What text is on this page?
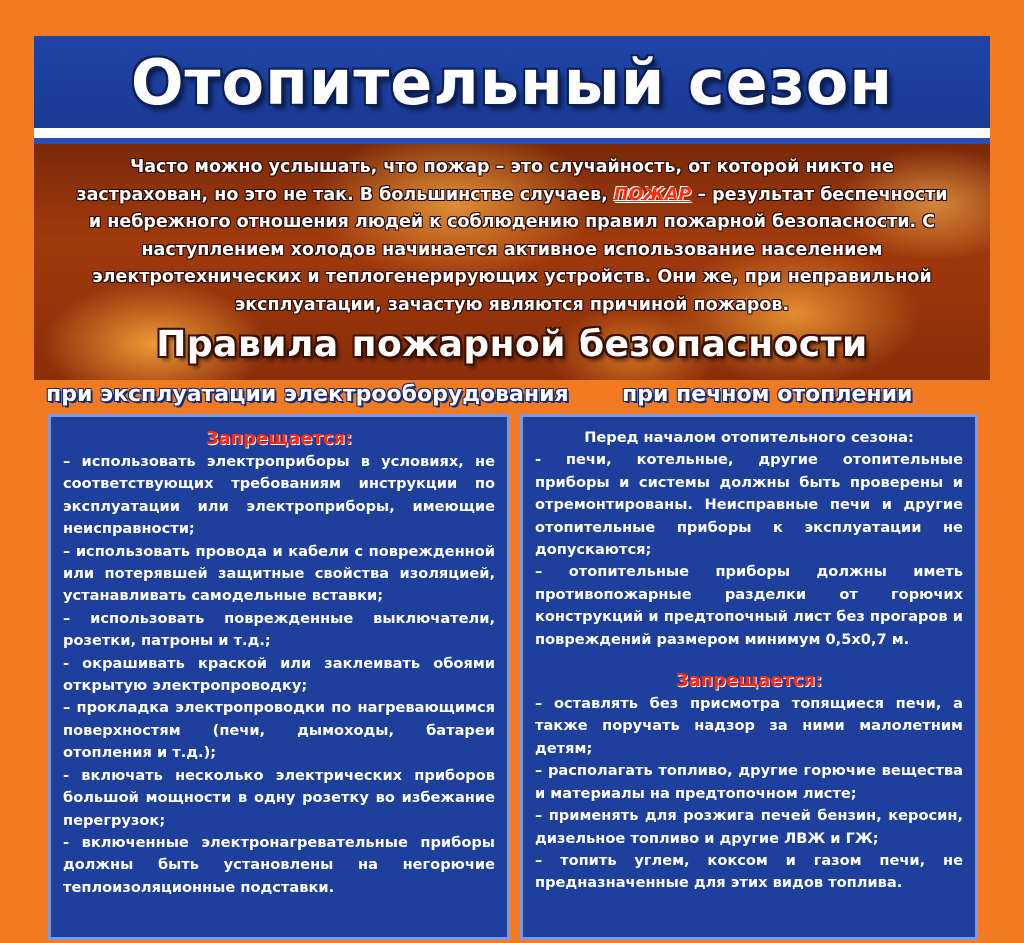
Отопительный сезон
Часто можно услышать, что пожар – это случайность, от которой никто не застрахован, но это не так. В большинстве случаев, ПОЖАР – результат беспечности и небрежного отношения людей к соблюдению правил пожарной безопасности. С наступлением холодов начинается активное использование населением электротехнических и теплогенерирующих устройств. Они же, при неправильной эксплуатации, зачастую являются причиной пожаров.
Правила пожарной безопасности
при эксплуатации электрооборудования при печном отоплении
Запрещается:

– использовать электроприборы в условиях, не соответствующих требованиям инструкции по эксплуатации или электроприборы, имеющие неисправности;

– использовать провода и кабели с поврежденной или потерявшей защитные свойства изоляцией, устанавливать самодельные вставки;

– использовать поврежденные выключатели, розетки, патроны и т.д.;

- окрашивать краской или заклеивать обоями открытую электропроводку;

– прокладка электропроводки по нагревающимся поверхностям (печи, дымоходы, батареи отопления и т.д.);

- включать несколько электрических приборов большой мощности в одну розетку во избежание перегрузок;

- включенные электронагревательные приборы должны быть установлены на негорючие теплоизоляционные подставки.

Перед началом отопительного сезона:

- печи, котельные, другие отопительные приборы и системы должны быть проверены и отремонтированы. Неисправные печи и другие отопительные приборы к эксплуатации не допускаются;

– отопительные приборы должны иметь противопожарные разделки от горючих конструкций и предтопочный лист без прогаров и повреждений размером минимум 0,5х0,7 м.

Запрещается:

– оставлять без присмотра топящиеся печи, а также поручать надзор за ними малолетним детям;

– располагать топливо, другие горючие вещества и материалы на предтопочном листе;

– применять для розжига печей бензин, керосин, дизельное топливо и другие ЛВЖ и ГЖ;

– топить углем, коксом и газом печи, не предназначенные для этих видов топлива.
